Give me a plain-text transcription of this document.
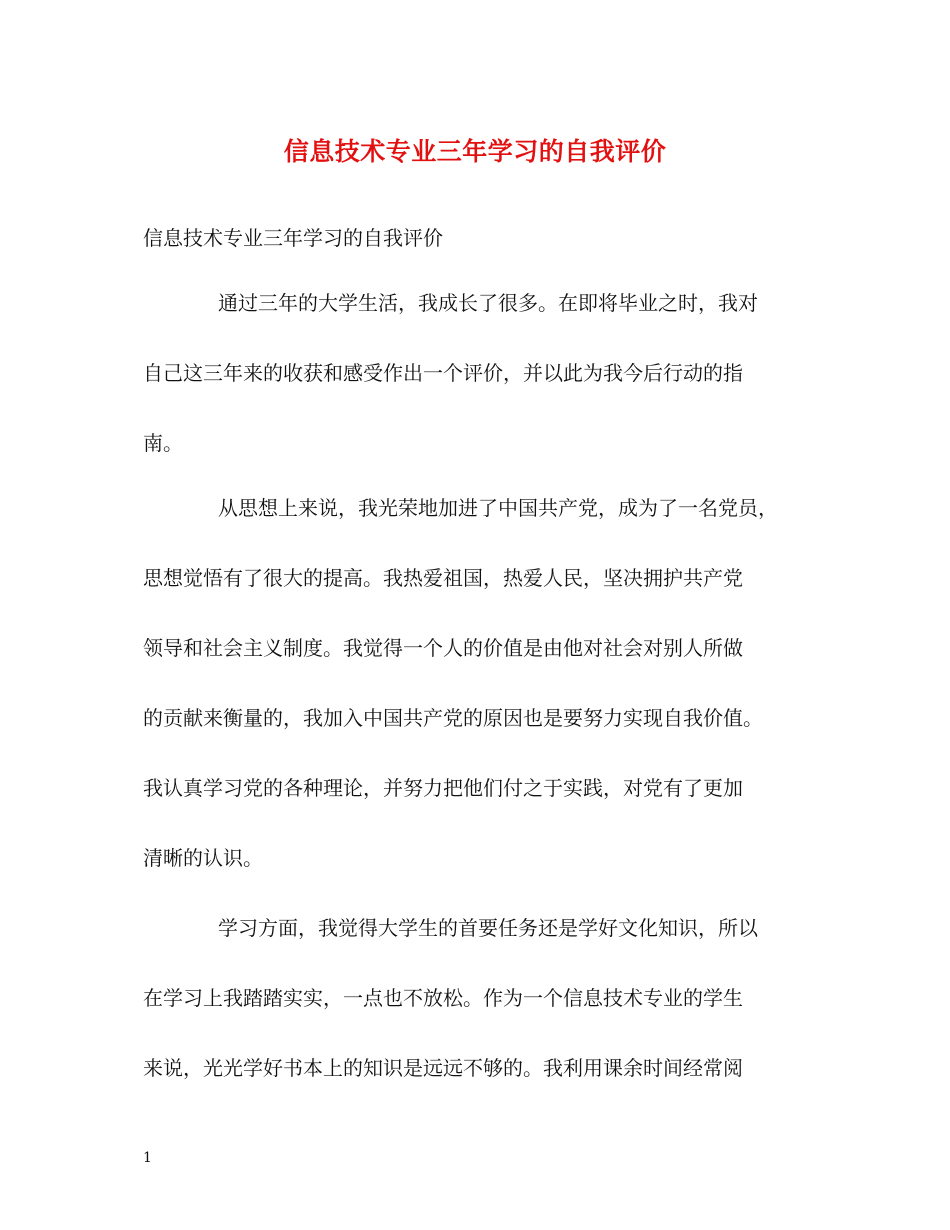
信息技术专业三年学习的自我评价

信息技术专业三年学习的自我评价

通过三年的大学生活，我成长了很多。在即将毕业之时，我对

自己这三年来的收获和感受作出一个评价，并以此为我今后行动的指

南。

从思想上来说，我光荣地加进了中国共产党，成为了一名党员，

思想觉悟有了很大的提高。我热爱祖国，热爱人民，坚决拥护共产党

领导和社会主义制度。我觉得一个人的价值是由他对社会对别人所做

的贡献来衡量的，我加入中国共产党的原因也是要努力实现自我价值。

我认真学习党的各种理论，并努力把他们付之于实践，对党有了更加

清晰的认识。

学习方面，我觉得大学生的首要任务还是学好文化知识，所以

在学习上我踏踏实实，一点也不放松。作为一个信息技术专业的学生

来说，光光学好书本上的知识是远远不够的。我利用课余时间经常阅

1
